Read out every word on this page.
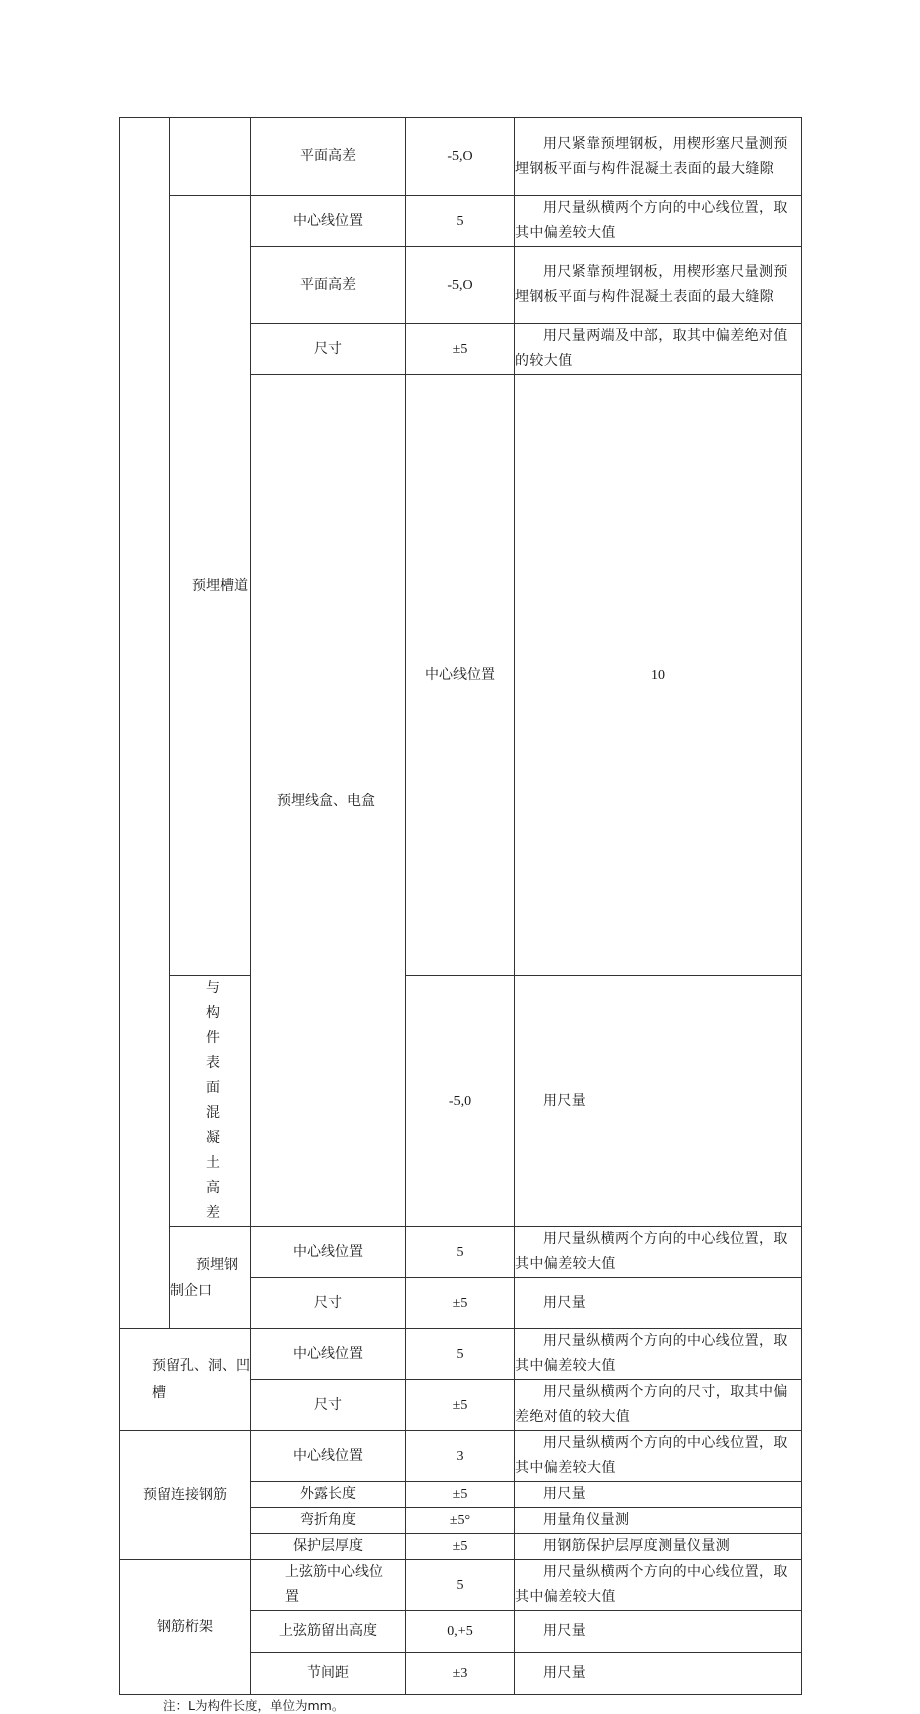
		平面高差	-5,O	用尺紧靠预埋钢板，用楔形塞尺量测预埋钢板平面与构件混凝土表面的最大缝隙	

	预埋槽道	中心线位置	5	用尺量纵横两个方向的中心线位置，取其中偏差较大值	
		平面高差	-5,O	用尺紧靠预埋钢板，用楔形塞尺量测预埋钢板平面与构件混凝土表面的最大缝隙	
		尺寸	±5	用尺量两端及中部，取其中偏差绝对值的较大值	

		预埋线盒、电盒	中心线位置	10	
	与构件表面混凝土高差		-5,0	用尺量	

	预埋钢制企口	中心线位置	5	用尺量纵横两个方向的中心线位置，取其中偏差较大值	
		尺寸	±5	用尺量	
预留孔、洞、凹槽	中心线位置	5	用尺量纵横两个方向的中心线位置，取其中偏差较大值
	尺寸	±5	用尺量纵横两个方向的尺寸，取其中偏差绝对值的较大值
预留连接钢筋	中心线位置	3	用尺量纵横两个方向的中心线位置，取其中偏差较大值
	外露长度	±5	用尺量
	弯折角度	±5°	用量角仪量测
	保护层厚度	±5	用钢筋保护层厚度测量仪量测
钢筋桁架	上弦筋中心线位置	5	用尺量纵横两个方向的中心线位置，取其中偏差较大值
	上弦筋留出高度	0,+5	用尺量
	节间距	±3	用尺量
注：L为构件长度，单位为mm。
